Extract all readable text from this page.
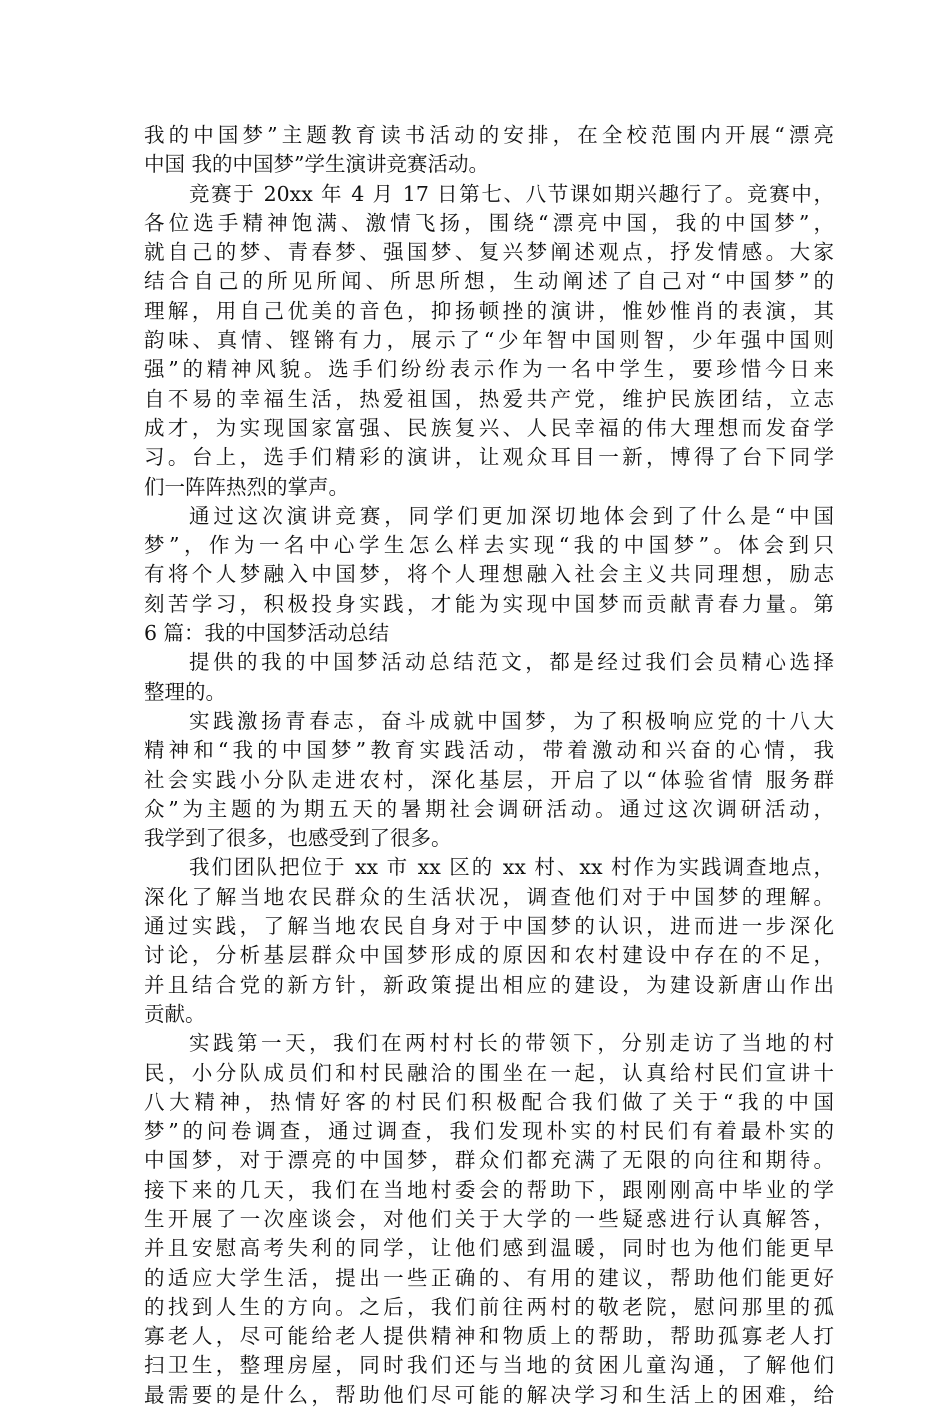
我的中国梦”主题教育读书活动的安排，在全校范围内开展“漂亮
中国 我的中国梦”学生演讲竞赛活动。
竞赛于 20xx 年 4 月 17 日第七、八节课如期兴趣行了。竞赛中，
各位选手精神饱满、激情飞扬，围绕“漂亮中国，我的中国梦”，
就自己的梦、青春梦、强国梦、复兴梦阐述观点，抒发情感。大家
结合自己的所见所闻、所思所想，生动阐述了自己对“中国梦”的
理解，用自己优美的音色，抑扬顿挫的演讲，惟妙惟肖的表演，其
韵味、真情、铿锵有力，展示了“少年智中国则智，少年强中国则
强”的精神风貌。选手们纷纷表示作为一名中学生，要珍惜今日来
自不易的幸福生活，热爱祖国，热爱共产党，维护民族团结，立志
成才，为实现国家富强、民族复兴、人民幸福的伟大理想而发奋学
习。台上，选手们精彩的演讲，让观众耳目一新，博得了台下同学
们一阵阵热烈的掌声。
通过这次演讲竞赛，同学们更加深切地体会到了什么是“中国
梦”，作为一名中心学生怎么样去实现“我的中国梦”。体会到只
有将个人梦融入中国梦，将个人理想融入社会主义共同理想，励志
刻苦学习，积极投身实践，才能为实现中国梦而贡献青春力量。第
6 篇：我的中国梦活动总结
提供的我的中国梦活动总结范文，都是经过我们会员精心选择
整理的。
实践激扬青春志，奋斗成就中国梦，为了积极响应党的十八大
精神和“我的中国梦”教育实践活动，带着激动和兴奋的心情，我
社会实践小分队走进农村，深化基层，开启了以“体验省情 服务群
众”为主题的为期五天的暑期社会调研活动。通过这次调研活动，
我学到了很多，也感受到了很多。
我们团队把位于 xx 市 xx 区的 xx 村、xx 村作为实践调查地点，
深化了解当地农民群众的生活状况，调查他们对于中国梦的理解。
通过实践，了解当地农民自身对于中国梦的认识，进而进一步深化
讨论，分析基层群众中国梦形成的原因和农村建设中存在的不足，
并且结合党的新方针，新政策提出相应的建设，为建设新唐山作出
贡献。
实践第一天，我们在两村村长的带领下，分别走访了当地的村
民，小分队成员们和村民融洽的围坐在一起，认真给村民们宣讲十
八大精神，热情好客的村民们积极配合我们做了关于“我的中国
梦”的问卷调查，通过调查，我们发现朴实的村民们有着最朴实的
中国梦，对于漂亮的中国梦，群众们都充满了无限的向往和期待。
接下来的几天，我们在当地村委会的帮助下，跟刚刚高中毕业的学
生开展了一次座谈会，对他们关于大学的一些疑惑进行认真解答，
并且安慰高考失利的同学，让他们感到温暖，同时也为他们能更早
的适应大学生活，提出一些正确的、有用的建议，帮助他们能更好
的找到人生的方向。之后，我们前往两村的敬老院，慰问那里的孤
寡老人，尽可能给老人提供精神和物质上的帮助，帮助孤寡老人打
扫卫生，整理房屋，同时我们还与当地的贫困儿童沟通，了解他们
最需要的是什么，帮助他们尽可能的解决学习和生活上的困难，给
